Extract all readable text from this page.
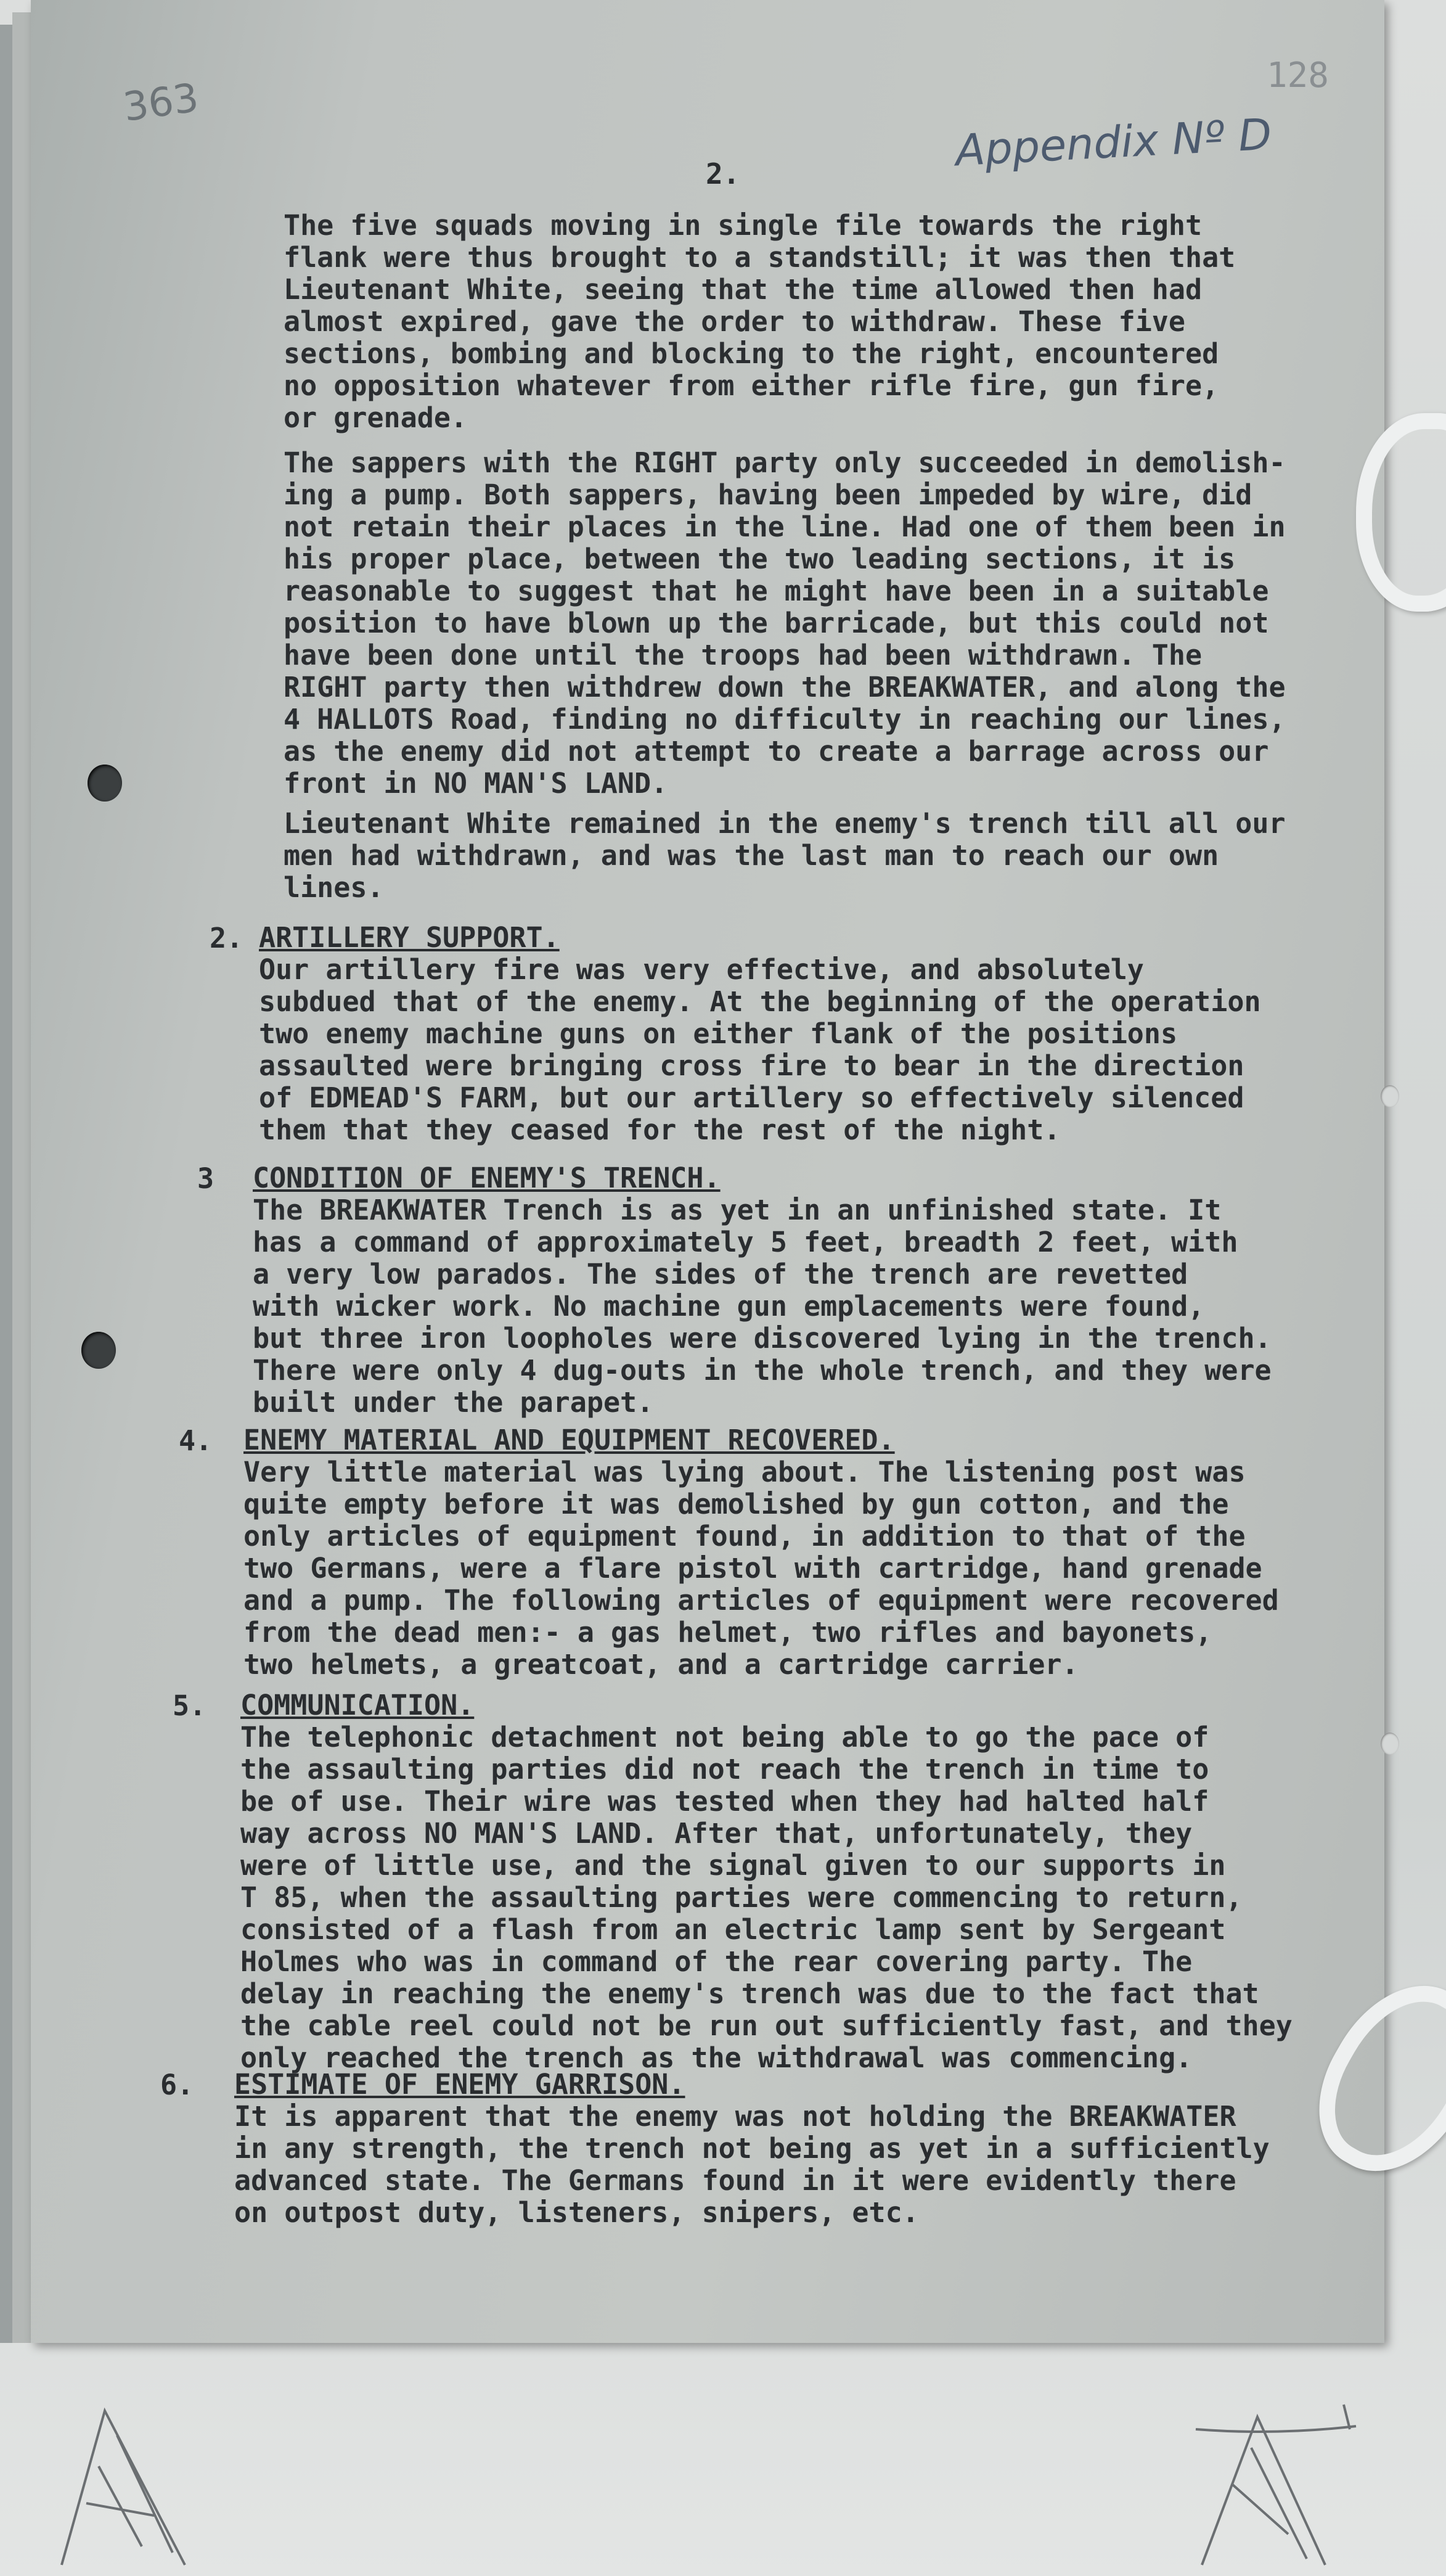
363	128
Appendix Nº D
2.
The five squads moving in single file towards the right
flank were thus brought to a standstill; it was then that
Lieutenant White, seeing that the time allowed then had
almost expired, gave the order to withdraw. These five
sections, bombing and blocking to the right, encountered
no opposition whatever from either rifle fire, gun fire,
or grenade.
The sappers with the RIGHT party only succeeded in demolish-
ing a pump. Both sappers, having been impeded by wire, did
not retain their places in the line. Had one of them been in
his proper place, between the two leading sections, it is
reasonable to suggest that he might have been in a suitable
position to have blown up the barricade, but this could not
have been done until the troops had been withdrawn. The
RIGHT party then withdrew down the BREAKWATER, and along the
4 HALLOTS Road, finding no difficulty in reaching our lines,
as the enemy did not attempt to create a barrage across our
front in NO MAN'S LAND.
Lieutenant White remained in the enemy's trench till all our
men had withdrawn, and was the last man to reach our own
lines.
2. ARTILLERY SUPPORT.
Our artillery fire was very effective, and absolutely
subdued that of the enemy. At the beginning of the operation
two enemy machine guns on either flank of the positions
assaulted were bringing cross fire to bear in the direction
of EDMEAD'S FARM, but our artillery so effectively silenced
them that they ceased for the rest of the night.
3 CONDITION OF ENEMY'S TRENCH.
The BREAKWATER Trench is as yet in an unfinished state. It
has a command of approximately 5 feet, breadth 2 feet, with
a very low parados. The sides of the trench are revetted
with wicker work. No machine gun emplacements were found,
but three iron loopholes were discovered lying in the trench.
There were only 4 dug-outs in the whole trench, and they were
built under the parapet.
4. ENEMY MATERIAL AND EQUIPMENT RECOVERED.
Very little material was lying about. The listening post was
quite empty before it was demolished by gun cotton, and the
only articles of equipment found, in addition to that of the
two Germans, were a flare pistol with cartridge, hand grenade
and a pump. The following articles of equipment were recovered
from the dead men:- a gas helmet, two rifles and bayonets,
two helmets, a greatcoat, and a cartridge carrier.
5. COMMUNICATION.
The telephonic detachment not being able to go the pace of
the assaulting parties did not reach the trench in time to
be of use. Their wire was tested when they had halted half
way across NO MAN'S LAND. After that, unfortunately, they
were of little use, and the signal given to our supports in
T 85, when the assaulting parties were commencing to return,
consisted of a flash from an electric lamp sent by Sergeant
Holmes who was in command of the rear covering party. The
delay in reaching the enemy's trench was due to the fact that
the cable reel could not be run out sufficiently fast, and they
only reached the trench as the withdrawal was commencing.
6. ESTIMATE OF ENEMY GARRISON.
It is apparent that the enemy was not holding the BREAKWATER
in any strength, the trench not being as yet in a sufficiently
advanced state. The Germans found in it were evidently there
on outpost duty, listeners, snipers, etc.
